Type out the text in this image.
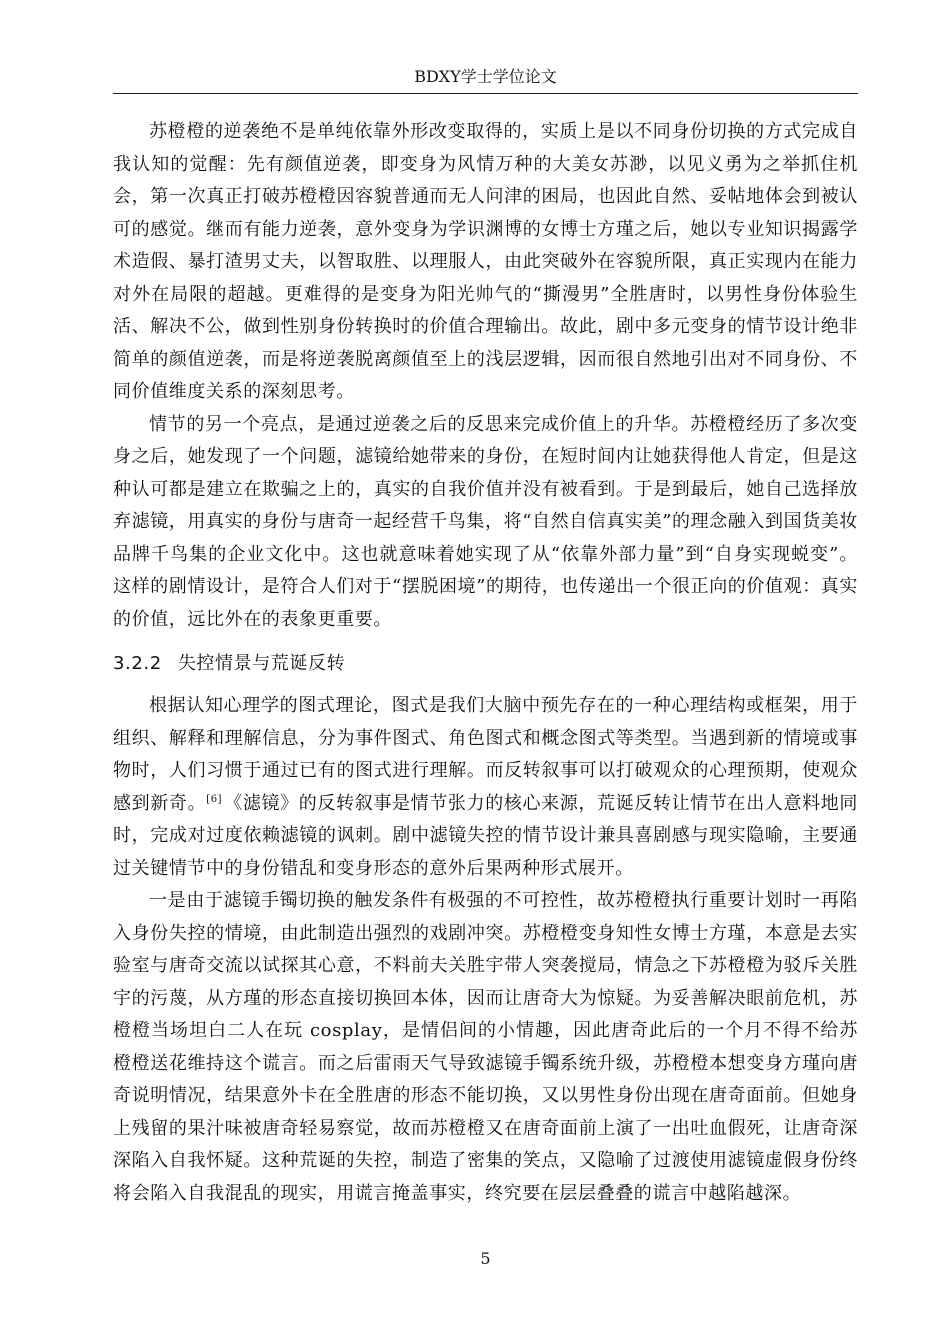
BDXY学士学位论文

苏橙橙的逆袭绝不是单纯依靠外形改变取得的，实质上是以不同身份切换的方式完成自我认知的觉醒：先有颜值逆袭，即变身为风情万种的大美女苏渺，以见义勇为之举抓住机会，第一次真正打破苏橙橙因容貌普通而无人问津的困局，也因此自然、妥帖地体会到被认可的感觉。继而有能力逆袭，意外变身为学识渊博的女博士方瑾之后，她以专业知识揭露学术造假、暴打渣男丈夫，以智取胜、以理服人，由此突破外在容貌所限，真正实现内在能力对外在局限的超越。更难得的是变身为阳光帅气的“撕漫男”全胜唐时，以男性身份体验生活、解决不公，做到性别身份转换时的价值合理输出。故此，剧中多元变身的情节设计绝非简单的颜值逆袭，而是将逆袭脱离颜值至上的浅层逻辑，因而很自然地引出对不同身份、不同价值维度关系的深刻思考。

情节的另一个亮点，是通过逆袭之后的反思来完成价值上的升华。苏橙橙经历了多次变身之后，她发现了一个问题，滤镜给她带来的身份，在短时间内让她获得他人肯定，但是这种认可都是建立在欺骗之上的，真实的自我价值并没有被看到。于是到最后，她自己选择放弃滤镜，用真实的身份与唐奇一起经营千鸟集，将“自然自信真实美”的理念融入到国货美妆品牌千鸟集的企业文化中。这也就意味着她实现了从“依靠外部力量”到“自身实现蜕变”。这样的剧情设计，是符合人们对于“摆脱困境”的期待，也传递出一个很正向的价值观：真实的价值，远比外在的表象更重要。

3.2.2 失控情景与荒诞反转

根据认知心理学的图式理论，图式是我们大脑中预先存在的一种心理结构或框架，用于组织、解释和理解信息，分为事件图式、角色图式和概念图式等类型。当遇到新的情境或事物时，人们习惯于通过已有的图式进行理解。而反转叙事可以打破观众的心理预期，使观众感到新奇。[6] 《滤镜》的反转叙事是情节张力的核心来源，荒诞反转让情节在出人意料地同时，完成对过度依赖滤镜的讽刺。剧中滤镜失控的情节设计兼具喜剧感与现实隐喻，主要通过关键情节中的身份错乱和变身形态的意外后果两种形式展开。

一是由于滤镜手镯切换的触发条件有极强的不可控性，故苏橙橙执行重要计划时一再陷入身份失控的情境，由此制造出强烈的戏剧冲突。苏橙橙变身知性女博士方瑾，本意是去实验室与唐奇交流以试探其心意，不料前夫关胜宇带人突袭搅局，情急之下苏橙橙为驳斥关胜宇的污蔑，从方瑾的形态直接切换回本体，因而让唐奇大为惊疑。为妥善解决眼前危机，苏橙橙当场坦白二人在玩 cosplay，是情侣间的小情趣，因此唐奇此后的一个月不得不给苏橙橙送花维持这个谎言。而之后雷雨天气导致滤镜手镯系统升级，苏橙橙本想变身方瑾向唐奇说明情况，结果意外卡在全胜唐的形态不能切换，又以男性身份出现在唐奇面前。但她身上残留的果汁味被唐奇轻易察觉，故而苏橙橙又在唐奇面前上演了一出吐血假死，让唐奇深深陷入自我怀疑。这种荒诞的失控，制造了密集的笑点，又隐喻了过渡使用滤镜虚假身份终将会陷入自我混乱的现实，用谎言掩盖事实，终究要在层层叠叠的谎言中越陷越深。

5
